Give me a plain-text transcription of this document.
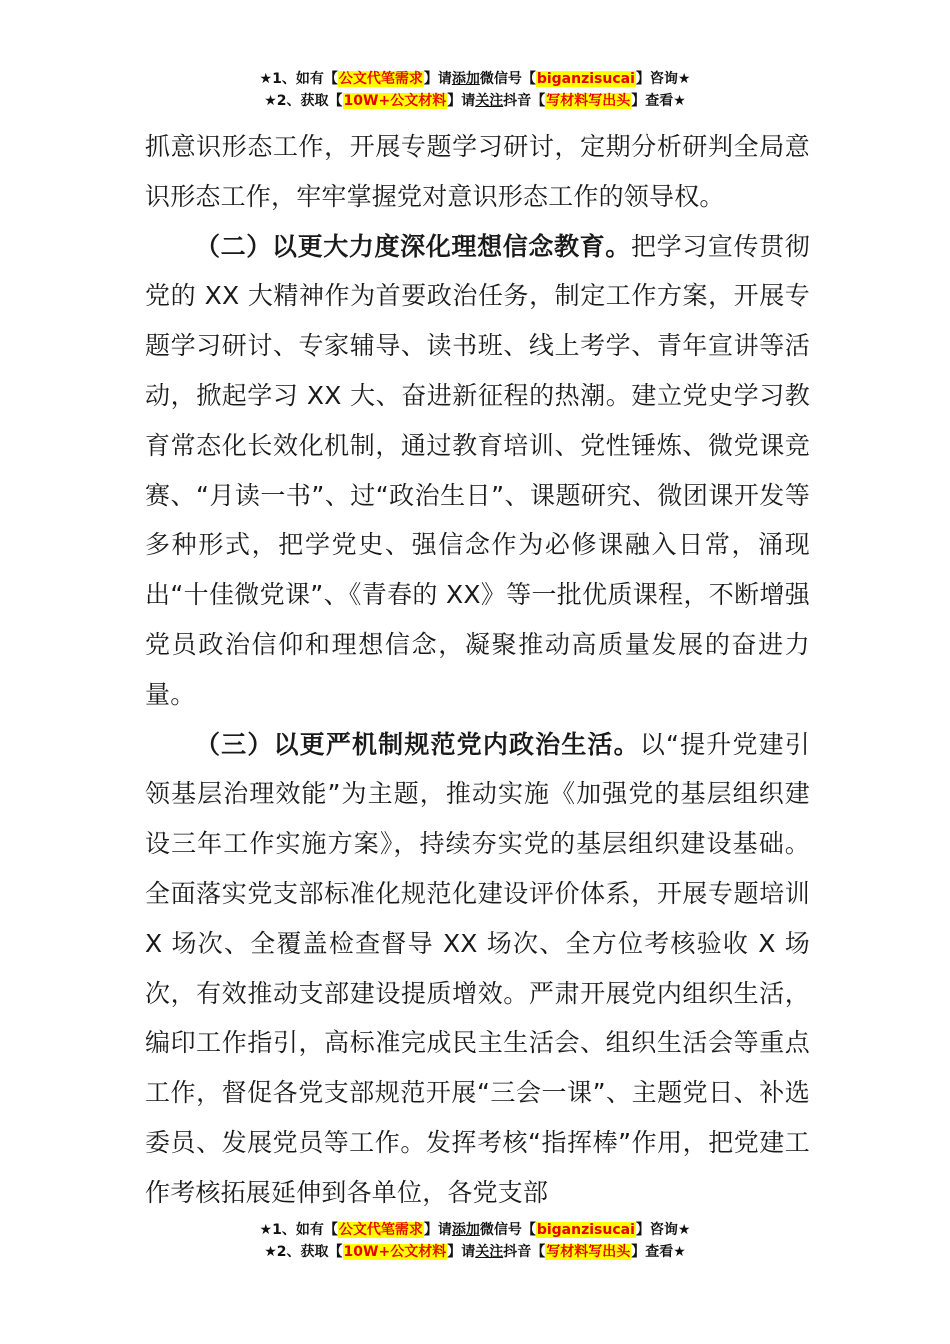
★1、如有【公文代笔需求】请添加微信号【biganzisucai】咨询★
★2、获取【10W+公文材料】请关注抖音【写材料写出头】查看★

抓意识形态工作，开展专题学习研讨，定期分析研判全局意识形态工作，牢牢掌握党对意识形态工作的领导权。

（二）以更大力度深化理想信念教育。把学习宣传贯彻党的 XX 大精神作为首要政治任务，制定工作方案，开展专题学习研讨、专家辅导、读书班、线上考学、青年宣讲等活动，掀起学习 XX 大、奋进新征程的热潮。建立党史学习教育常态化长效化机制，通过教育培训、党性锤炼、微党课竞赛、“月读一书”、过“政治生日”、课题研究、微团课开发等多种形式，把学党史、强信念作为必修课融入日常，涌现出“十佳微党课”、《青春的 XX》等一批优质课程，不断增强党员政治信仰和理想信念，凝聚推动高质量发展的奋进力量。

（三）以更严机制规范党内政治生活。以“提升党建引领基层治理效能”为主题，推动实施《加强党的基层组织建设三年工作实施方案》，持续夯实党的基层组织建设基础。全面落实党支部标准化规范化建设评价体系，开展专题培训 X 场次、全覆盖检查督导 XX 场次、全方位考核验收 X 场次，有效推动支部建设提质增效。严肃开展党内组织生活，编印工作指引，高标准完成民主生活会、组织生活会等重点工作，督促各党支部规范开展“三会一课”、主题党日、补选委员、发展党员等工作。发挥考核“指挥棒”作用，把党建工作考核拓展延伸到各单位，各党支部

★1、如有【公文代笔需求】请添加微信号【biganzisucai】咨询★
★2、获取【10W+公文材料】请关注抖音【写材料写出头】查看★
